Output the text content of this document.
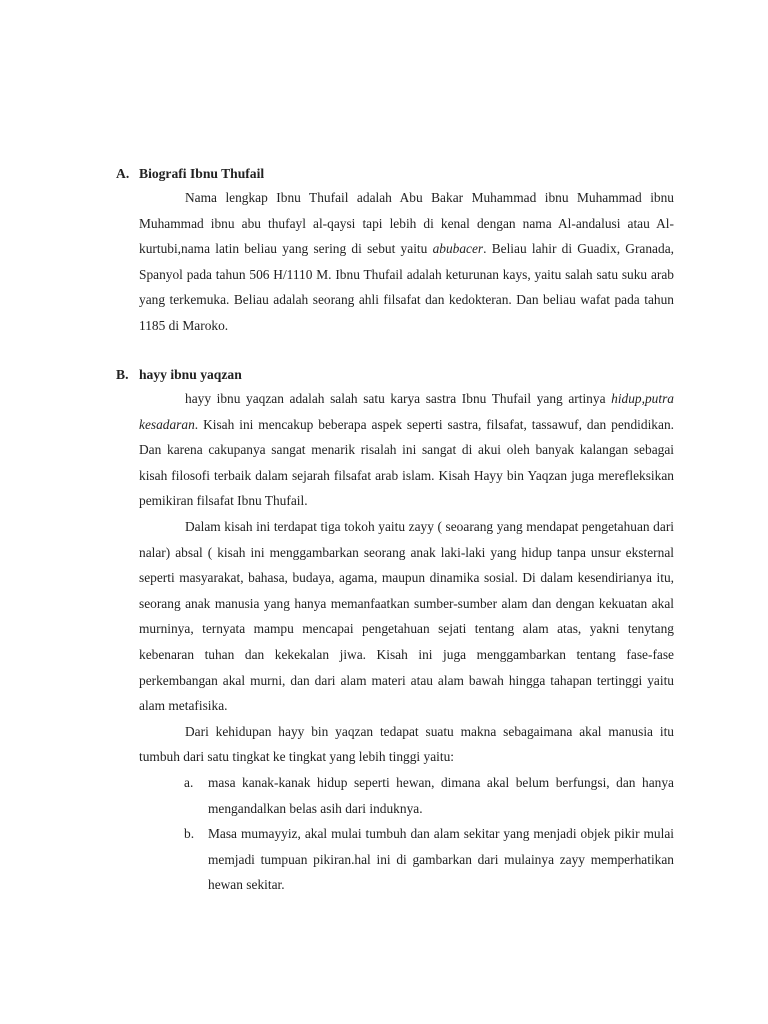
A. Biografi Ibnu Thufail

Nama lengkap Ibnu Thufail adalah Abu Bakar Muhammad ibnu Muhammad ibnu Muhammad ibnu abu thufayl al-qaysi tapi lebih di kenal dengan nama Al-andalusi atau Al-kurtubi,nama latin beliau yang sering di sebut yaitu abubacer. Beliau lahir di Guadix, Granada, Spanyol pada tahun 506 H/1110 M. Ibnu Thufail adalah keturunan kays, yaitu salah satu suku arab yang terkemuka. Beliau adalah seorang ahli filsafat dan kedokteran. Dan beliau wafat pada tahun 1185 di Maroko.

B. hayy ibnu yaqzan

hayy ibnu yaqzan adalah salah satu karya sastra Ibnu Thufail yang artinya hidup,putra kesadaran. Kisah ini mencakup beberapa aspek seperti sastra, filsafat, tassawuf, dan pendidikan. Dan karena cakupanya sangat menarik risalah ini sangat di akui oleh banyak kalangan sebagai kisah filosofi terbaik dalam sejarah filsafat arab islam. Kisah Hayy bin Yaqzan juga merefleksikan pemikiran filsafat Ibnu Thufail.

Dalam kisah ini terdapat tiga tokoh yaitu zayy ( seoarang yang mendapat pengetahuan dari nalar) absal ( kisah ini menggambarkan seorang anak laki-laki yang hidup tanpa unsur eksternal seperti masyarakat, bahasa, budaya, agama, maupun dinamika sosial. Di dalam kesendirianya itu, seorang anak manusia yang hanya memanfaatkan sumber-sumber alam dan dengan kekuatan akal murninya, ternyata mampu mencapai pengetahuan sejati tentang alam atas, yakni tenytang kebenaran tuhan dan kekekalan jiwa. Kisah ini juga menggambarkan tentang fase-fase perkembangan akal murni, dan dari alam materi atau alam bawah hingga tahapan tertinggi yaitu alam metafisika.

Dari kehidupan hayy bin yaqzan tedapat suatu makna sebagaimana akal manusia itu tumbuh dari satu tingkat ke tingkat yang lebih tinggi yaitu:

a.	masa kanak-kanak hidup seperti hewan, dimana akal belum berfungsi, dan hanya mengandalkan belas asih dari induknya.
b.	Masa mumayyiz, akal mulai tumbuh dan alam sekitar yang menjadi objek pikir mulai memjadi tumpuan pikiran.hal ini di gambarkan dari mulainya zayy memperhatikan hewan sekitar.
